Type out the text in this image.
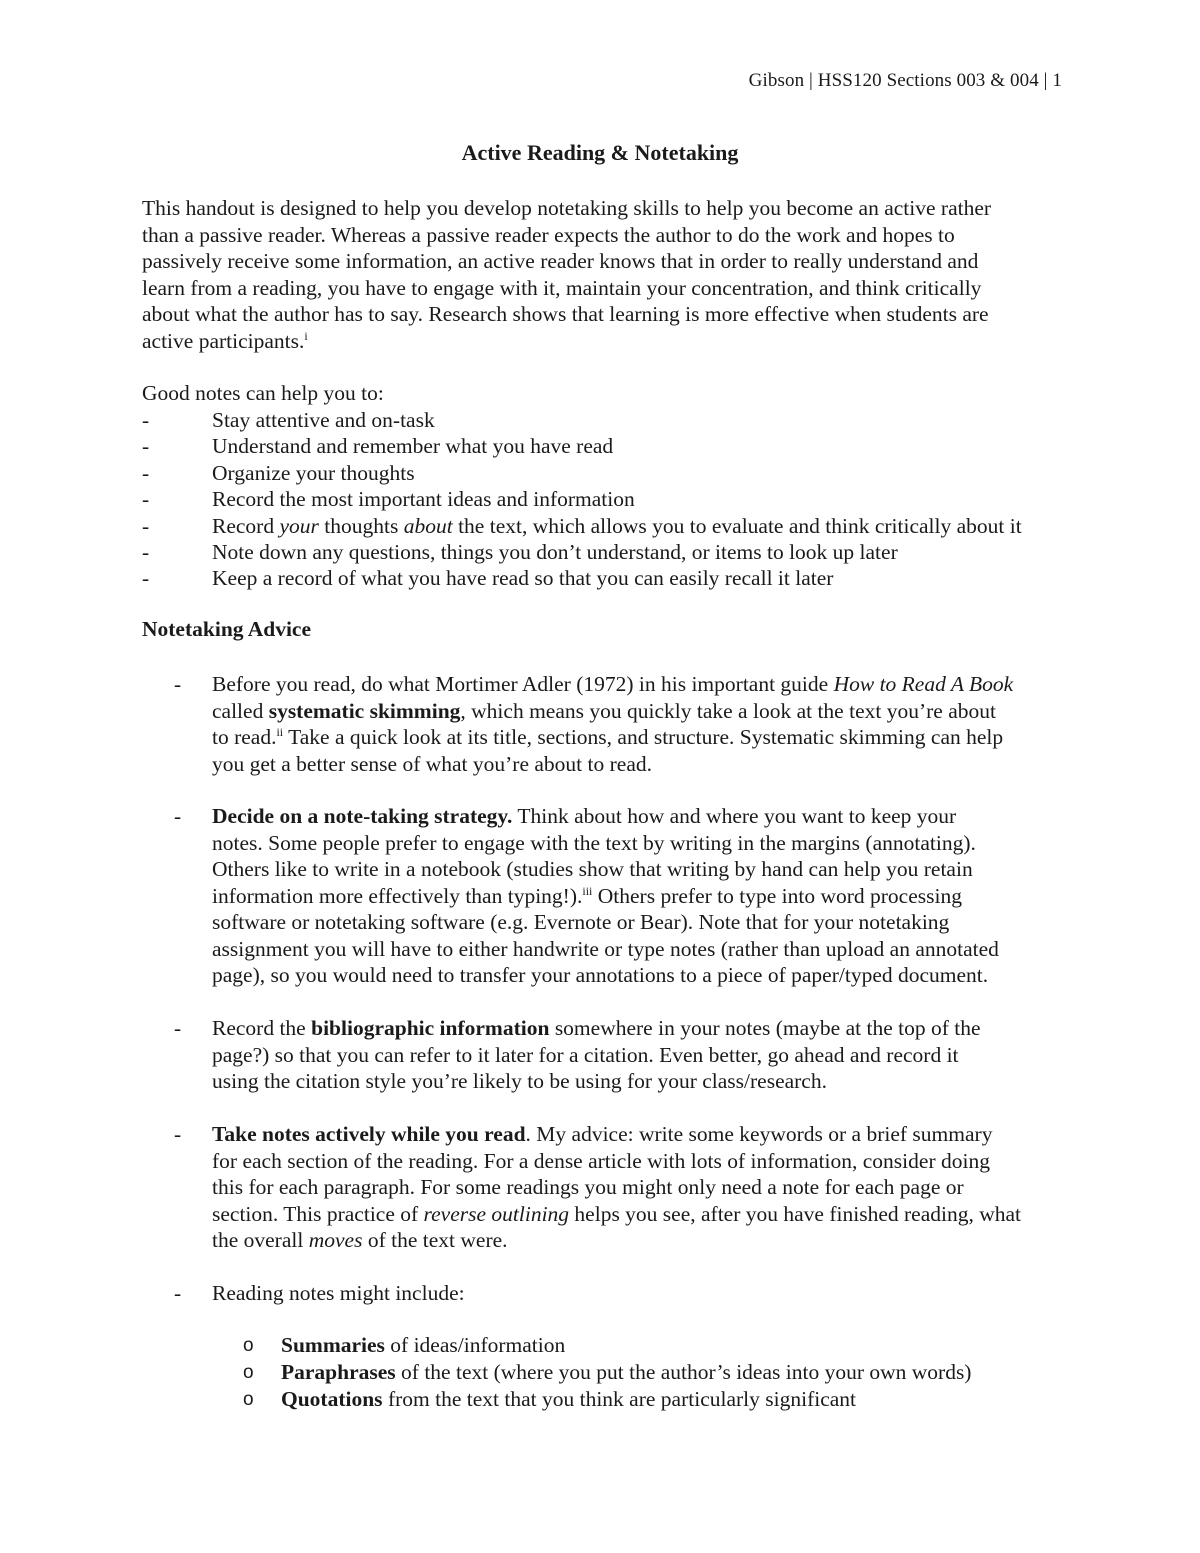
Gibson | HSS120 Sections 003 & 004 | 1
Active Reading & Notetaking

This handout is designed to help you develop notetaking skills to help you become an active rather

than a passive reader. Whereas a passive reader expects the author to do the work and hopes to

passively receive some information, an active reader knows that in order to really understand and

learn from a reading, you have to engage with it, maintain your concentration, and think critically

about what the author has to say. Research shows that learning is more effective when students are

active participants.$^i$

Good notes can help you to:
-	Stay attentive and on-task
-	Understand and remember what you have read
-	Organize your thoughts
-	Record the most important ideas and information
-	Record your thoughts about the text, which allows you to evaluate and think critically about it
-	Note down any questions, things you don’t understand, or items to look up later
-	Keep a record of what you have read so that you can easily recall it later
Notetaking Advice
-	Before you read, do what Mortimer Adler (1972) in his important guide How to Read A Book
called systematic skimming, which means you quickly take a look at the text you’re about
to read.$^{ii}$ Take a quick look at its title, sections, and structure. Systematic skimming can help
you get a better sense of what you’re about to read.
-	Decide on a note-taking strategy. Think about how and where you want to keep your
notes. Some people prefer to engage with the text by writing in the margins (annotating).
Others like to write in a notebook (studies show that writing by hand can help you retain
information more effectively than typing!).$^{iii}$ Others prefer to type into word processing
software or notetaking software (e.g. Evernote or Bear). Note that for your notetaking
assignment you will have to either handwrite or type notes (rather than upload an annotated
page), so you would need to transfer your annotations to a piece of paper/typed document.
-	Record the bibliographic information somewhere in your notes (maybe at the top of the
page?) so that you can refer to it later for a citation. Even better, go ahead and record it
using the citation style you’re likely to be using for your class/research.
-	Take notes actively while you read. My advice: write some keywords or a brief summary
for each section of the reading. For a dense article with lots of information, consider doing
this for each paragraph. For some readings you might only need a note for each page or
section. This practice of reverse outlining helps you see, after you have finished reading, what
the overall moves of the text were.
-	Reading notes might include:
o	Summaries of ideas/information
o	Paraphrases of the text (where you put the author’s ideas into your own words)
o	Quotations from the text that you think are particularly significant
